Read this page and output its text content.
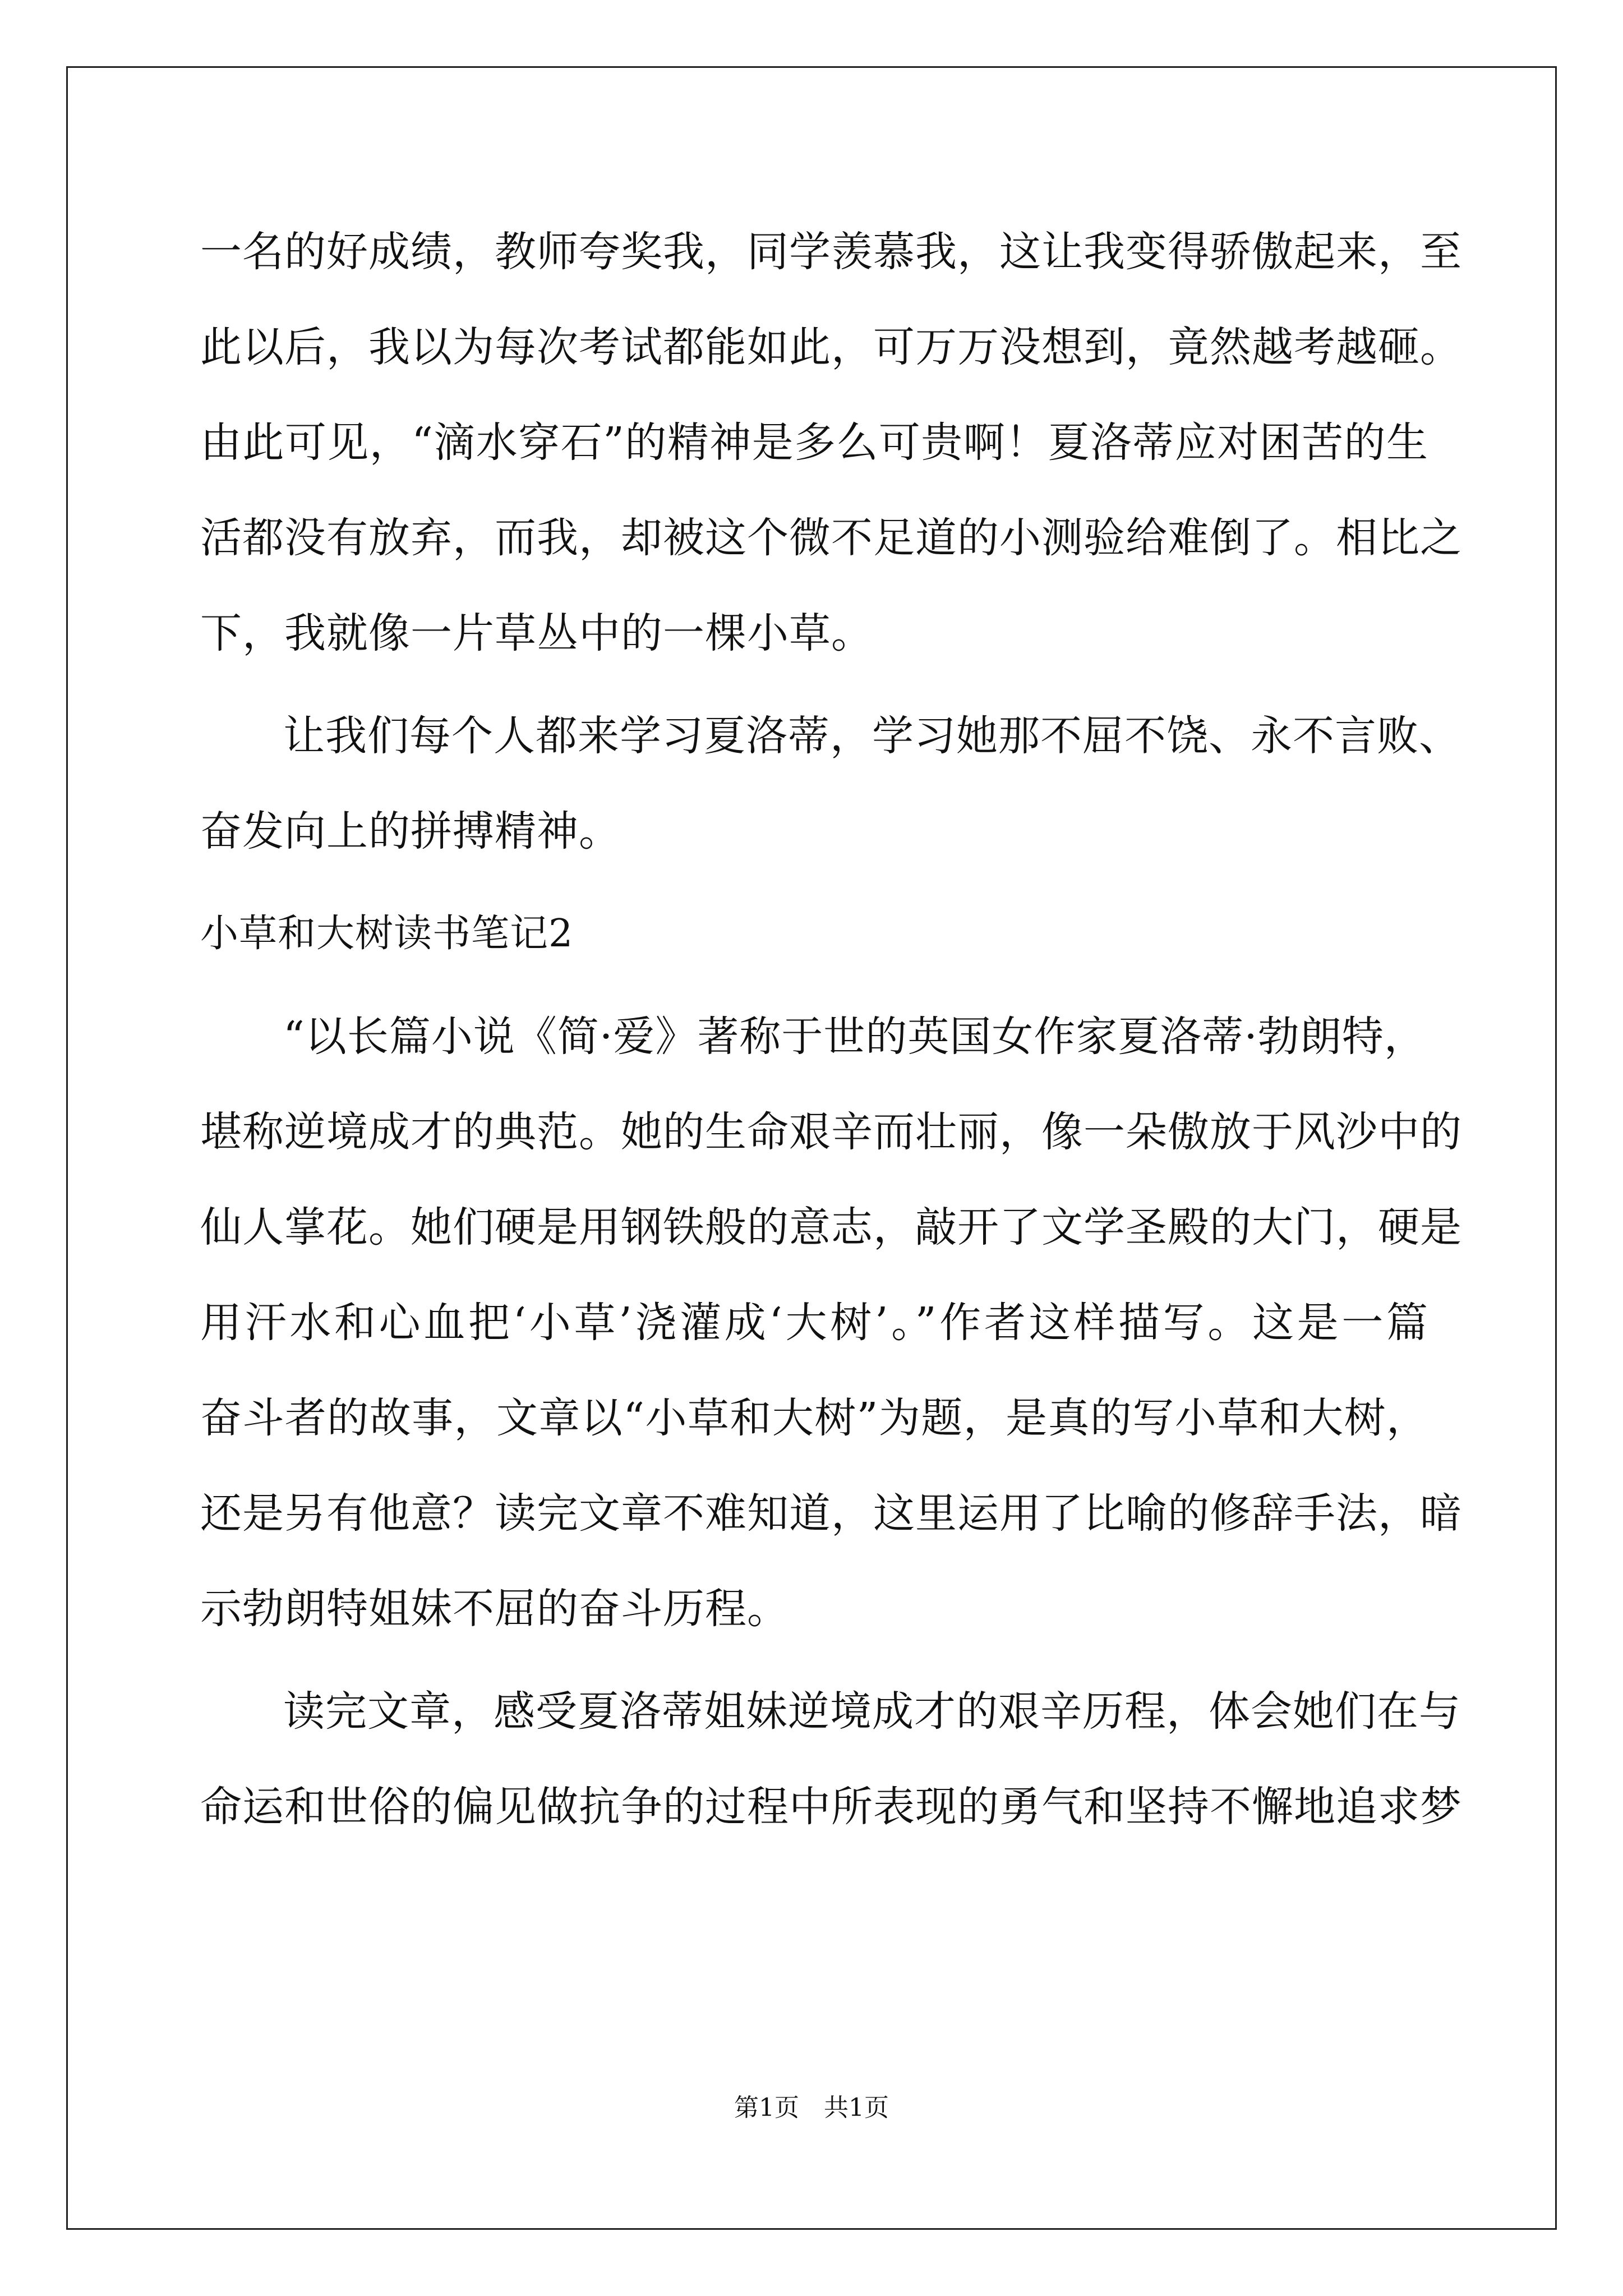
一名的好成绩，教师夸奖我，同学羡慕我，这让我变得骄傲起来，至
此以后，我以为每次考试都能如此，可万万没想到，竟然越考越砸。
由此可见，“滴水穿石”的精神是多么可贵啊！夏洛蒂应对困苦的生
活都没有放弃，而我，却被这个微不足道的小测验给难倒了。相比之
下，我就像一片草丛中的一棵小草。
让我们每个人都来学习夏洛蒂，学习她那不屈不饶、永不言败、
奋发向上的拼搏精神。
小草和大树读书笔记2
“以长篇小说《简·爱》著称于世的英国女作家夏洛蒂·勃朗特，
堪称逆境成才的典范。她的生命艰辛而壮丽，像一朵傲放于风沙中的
仙人掌花。她们硬是用钢铁般的意志，敲开了文学圣殿的大门，硬是
用汗水和心血把‘小草’浇灌成‘大树’。”作者这样描写。这是一篇
奋斗者的故事，文章以“小草和大树”为题，是真的写小草和大树，
还是另有他意？读完文章不难知道，这里运用了比喻的修辞手法，暗
示勃朗特姐妹不屈的奋斗历程。
读完文章，感受夏洛蒂姐妹逆境成才的艰辛历程，体会她们在与
命运和世俗的偏见做抗争的过程中所表现的勇气和坚持不懈地追求梦
第1页　共1页
